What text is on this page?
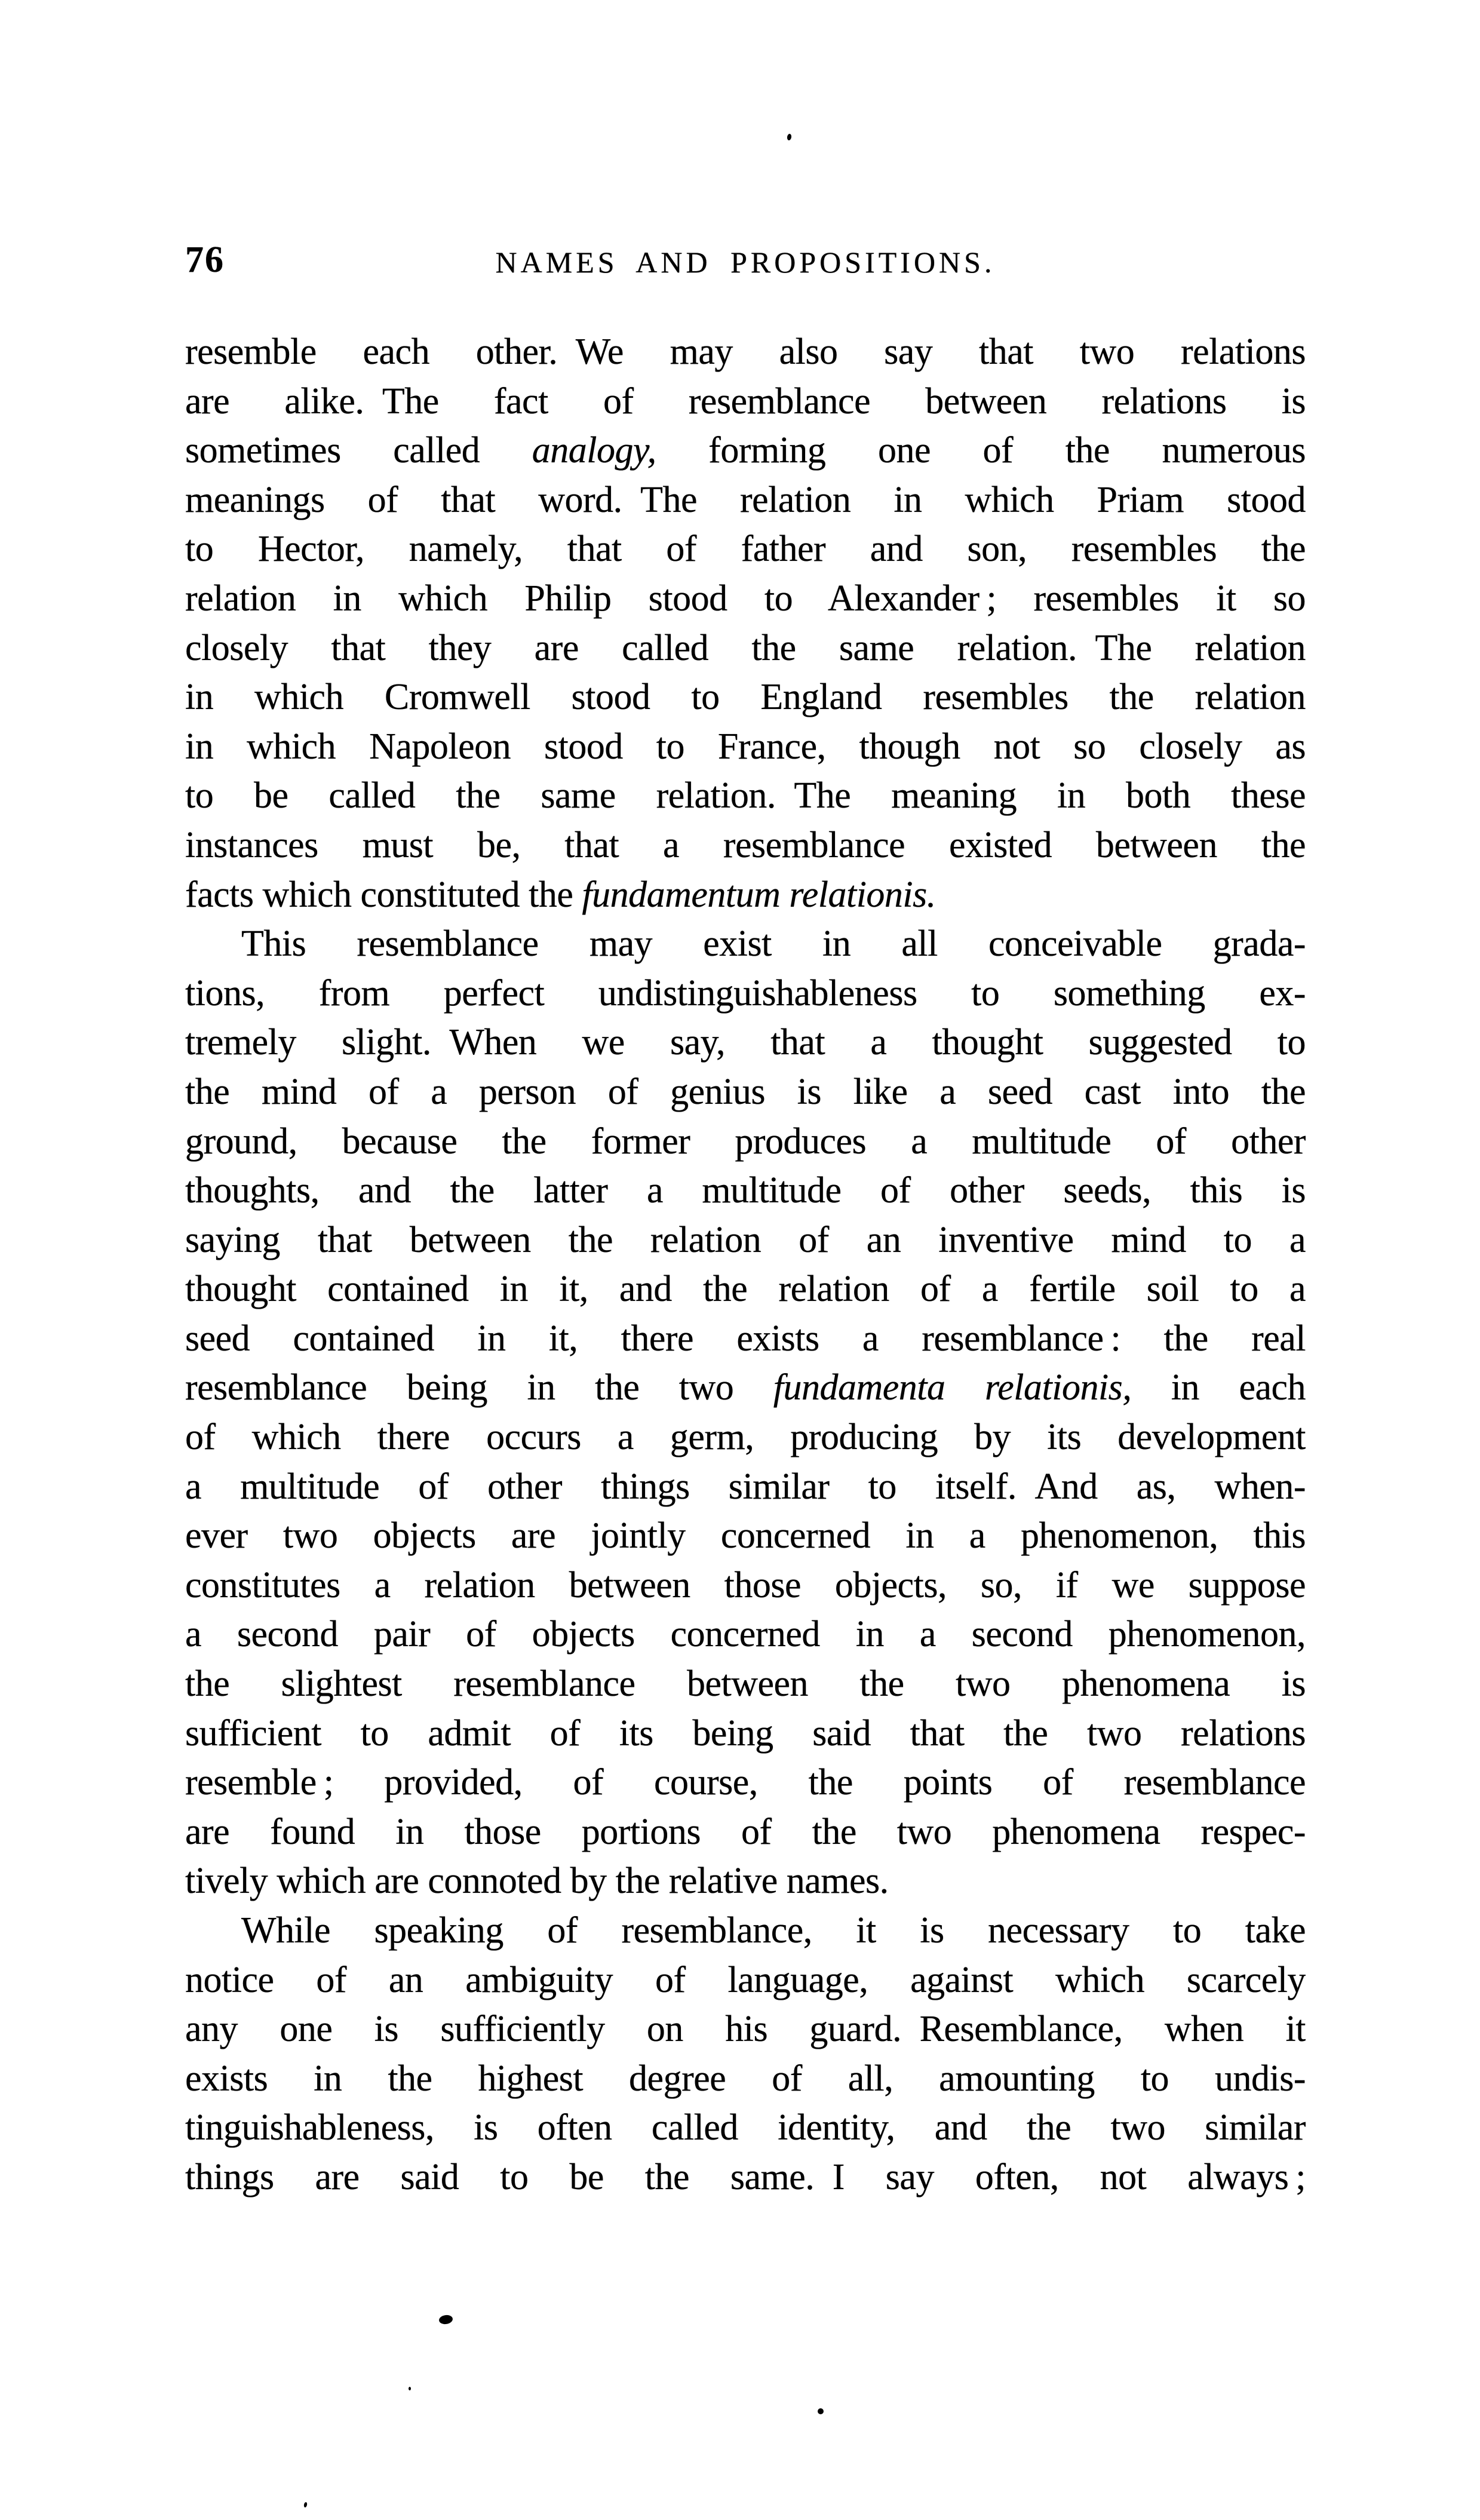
76	NAMES AND PROPOSITIONS.
resemble each other. We may also say that two relations
are alike. The fact of resemblance between relations is
sometimes called analogy, forming one of the numerous
meanings of that word. The relation in which Priam stood
to Hector, namely, that of father and son, resembles the
relation in which Philip stood to Alexander ; resembles it so
closely that they are called the same relation. The relation
in which Cromwell stood to England resembles the relation
in which Napoleon stood to France, though not so closely as
to be called the same relation. The meaning in both these
instances must be, that a resemblance existed between the
facts which constituted the fundamentum relationis.
This resemblance may exist in all conceivable grada-
tions, from perfect undistinguishableness to something ex-
tremely slight. When we say, that a thought suggested to
the mind of a person of genius is like a seed cast into the
ground, because the former produces a multitude of other
thoughts, and the latter a multitude of other seeds, this is
saying that between the relation of an inventive mind to a
thought contained in it, and the relation of a fertile soil to a
seed contained in it, there exists a resemblance : the real
resemblance being in the two fundamenta relationis, in each
of which there occurs a germ, producing by its development
a multitude of other things similar to itself. And as, when-
ever two objects are jointly concerned in a phenomenon, this
constitutes a relation between those objects, so, if we suppose
a second pair of objects concerned in a second phenomenon,
the slightest resemblance between the two phenomena is
sufficient to admit of its being said that the two relations
resemble ; provided, of course, the points of resemblance
are found in those portions of the two phenomena respec-
tively which are connoted by the relative names.
While speaking of resemblance, it is necessary to take
notice of an ambiguity of language, against which scarcely
any one is sufficiently on his guard. Resemblance, when it
exists in the highest degree of all, amounting to undis-
tinguishableness, is often called identity, and the two similar
things are said to be the same. I say often, not always ;
